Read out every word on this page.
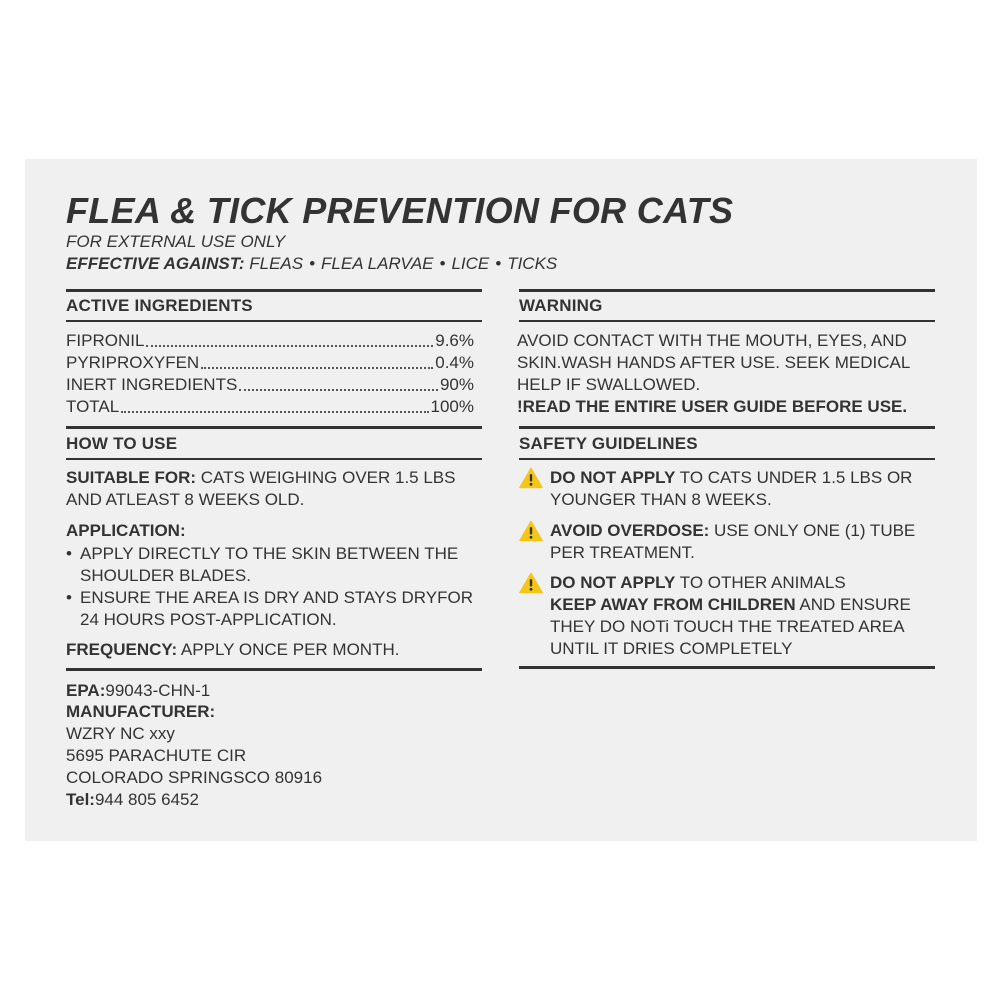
FLEA & TICK PREVENTION FOR CATS
FOR EXTERNAL USE ONLY
EFFECTIVE AGAINST: FLEAS • FLEA LARVAE • LICE • TICKS
ACTIVE INGREDIENTS
FIPRONIL	9.6%
PYRIPROXYFEN	0.4%
INERT INGREDIENTS	90%
TOTAL	100%
HOW TO USE
SUITABLE FOR: CATS WEIGHING OVER 1.5 LBS
AND ATLEAST 8 WEEKS OLD.
APPLICATION:
• APPLY DIRECTLY TO THE SKIN BETWEEN THE
SHOULDER BLADES.
• ENSURE THE AREA IS DRY AND STAYS DRYFOR
24 HOURS POST-APPLICATION.
FREQUENCY: APPLY ONCE PER MONTH.
EPA:99043-CHN-1
MANUFACTURER:
WZRY NC xxy
5695 PARACHUTE CIR
COLORADO SPRINGSCO 80916
Tel:944 805 6452
WARNING
AVOID CONTACT WITH THE MOUTH, EYES, AND
SKIN.WASH HANDS AFTER USE. SEEK MEDICAL
HELP IF SWALLOWED.
!READ THE ENTIRE USER GUIDE BEFORE USE.
SAFETY GUIDELINES
DO NOT APPLY TO CATS UNDER 1.5 LBS OR
YOUNGER THAN 8 WEEKS.
AVOID OVERDOSE: USE ONLY ONE (1) TUBE
PER TREATMENT.
DO NOT APPLY TO OTHER ANIMALS
KEEP AWAY FROM CHILDREN AND ENSURE
THEY DO NOTi TOUCH THE TREATED AREA
UNTIL IT DRIES COMPLETELY
